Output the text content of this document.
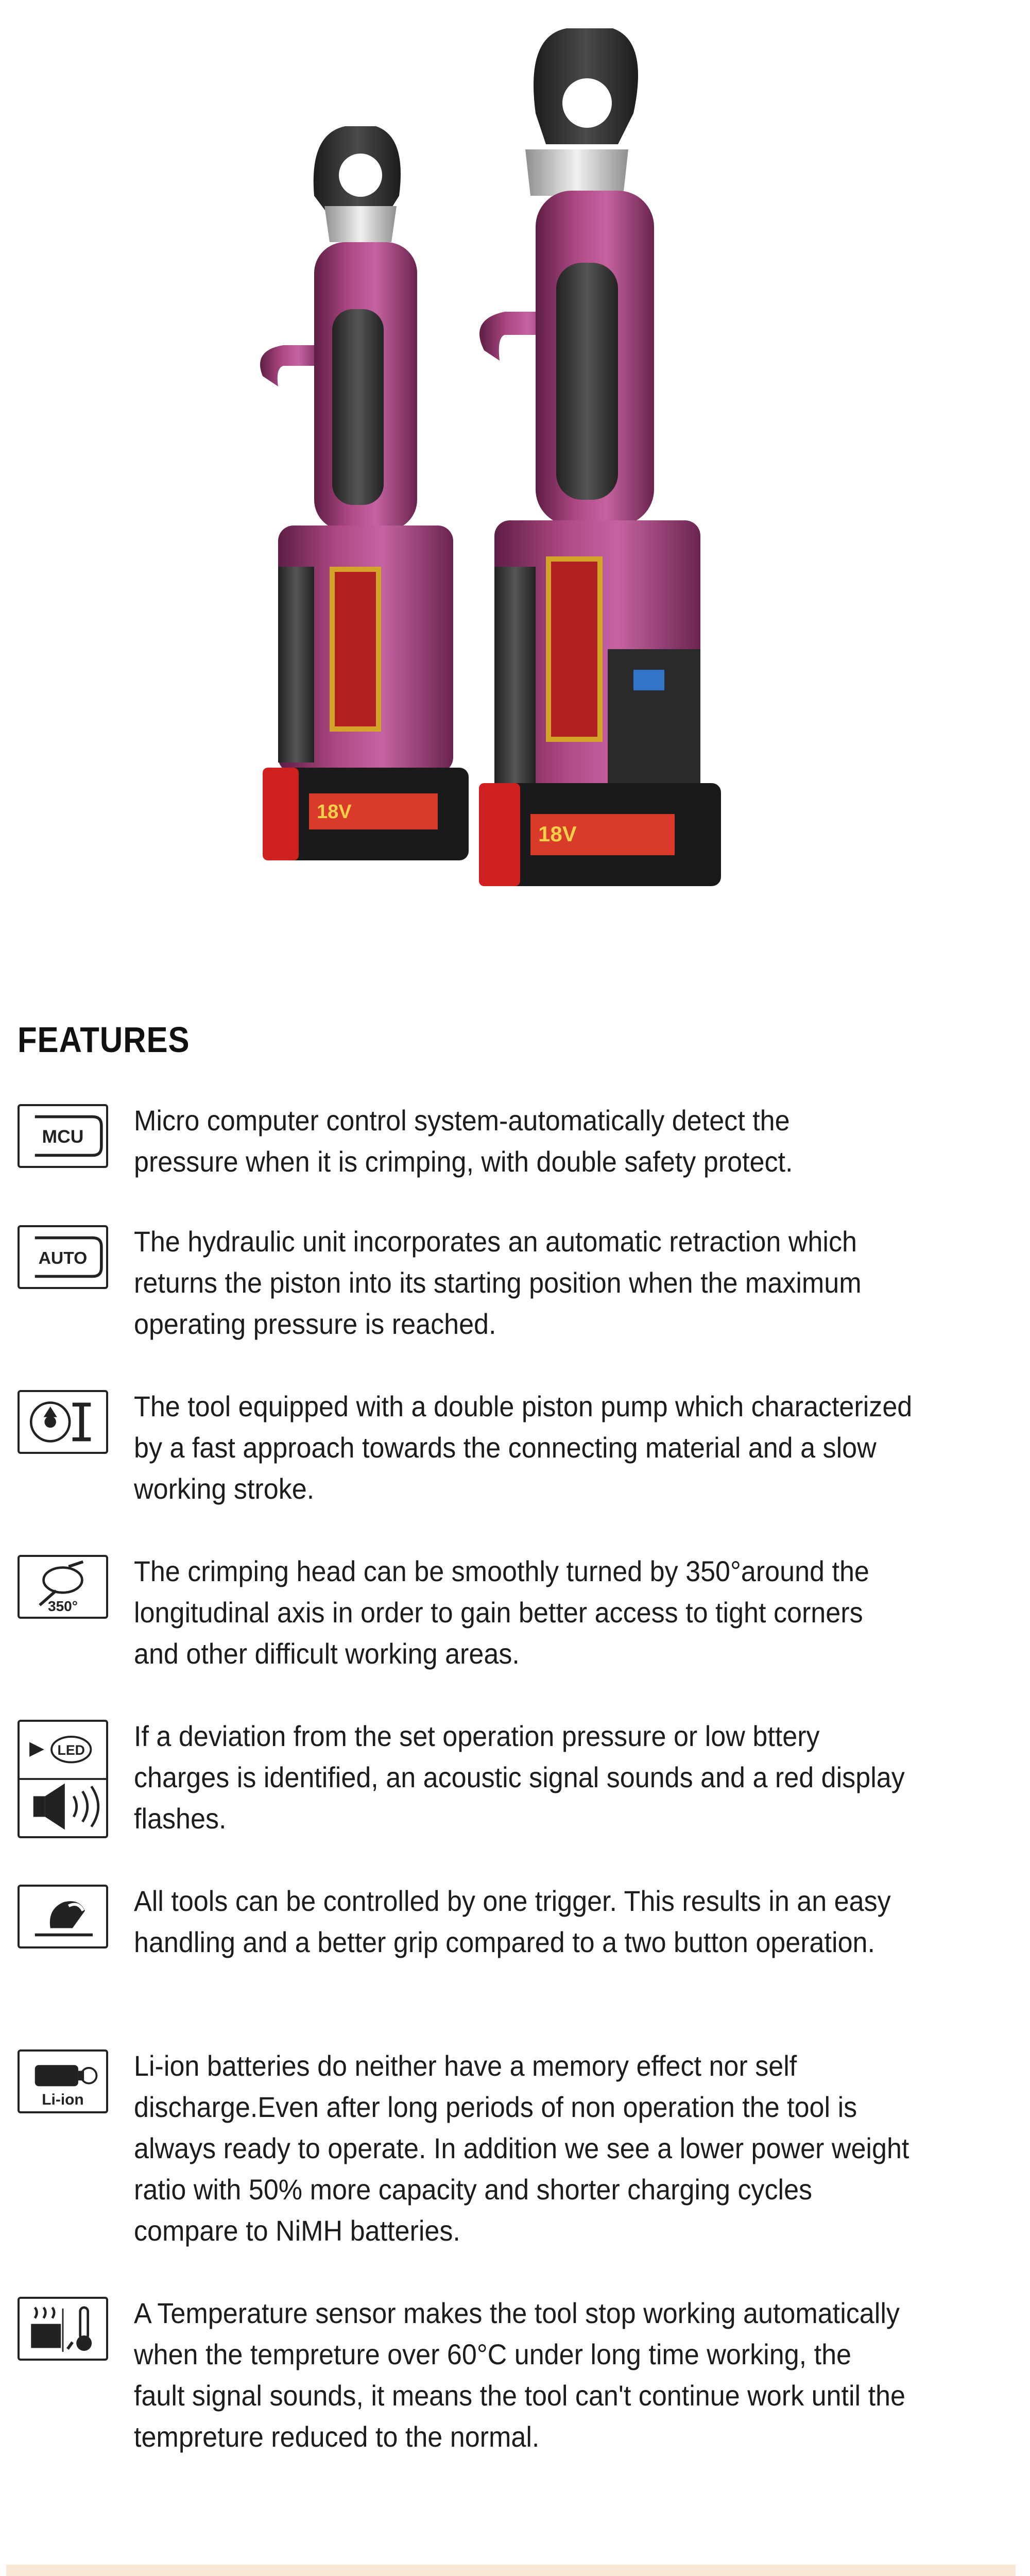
18V
18V
FEATURES
MCU
Micro computer control system-automatically detect the
pressure when it is crimping, with double safety protect.
AUTO
The hydraulic unit incorporates an automatic retraction which
returns the piston into its starting position when the maximum
operating pressure is reached.
The tool equipped with a double piston pump which characterized
by a fast approach towards the connecting material and a slow
working stroke.
350°
The crimping head can be smoothly turned by 350°around the
longitudinal axis in order to gain better access to tight corners
and other difficult working areas.
LED If a deviation from the set operation pressure or low bttery
charges is identified, an acoustic signal sounds and a red display
flashes.
All tools can be controlled by one trigger. This results in an easy
handling and a better grip compared to a two button operation.
Li-ion
Li-ion batteries do neither have a memory effect nor self
discharge.Even after long periods of non operation the tool is
always ready to operate. In addition we see a lower power weight
ratio with 50% more capacity and shorter charging cycles
compare to NiMH batteries.
A Temperature sensor makes the tool stop working automatically
when the tempreture over 60°C under long time working, the
fault signal sounds, it means the tool can't continue work until the
tempreture reduced to the normal.
